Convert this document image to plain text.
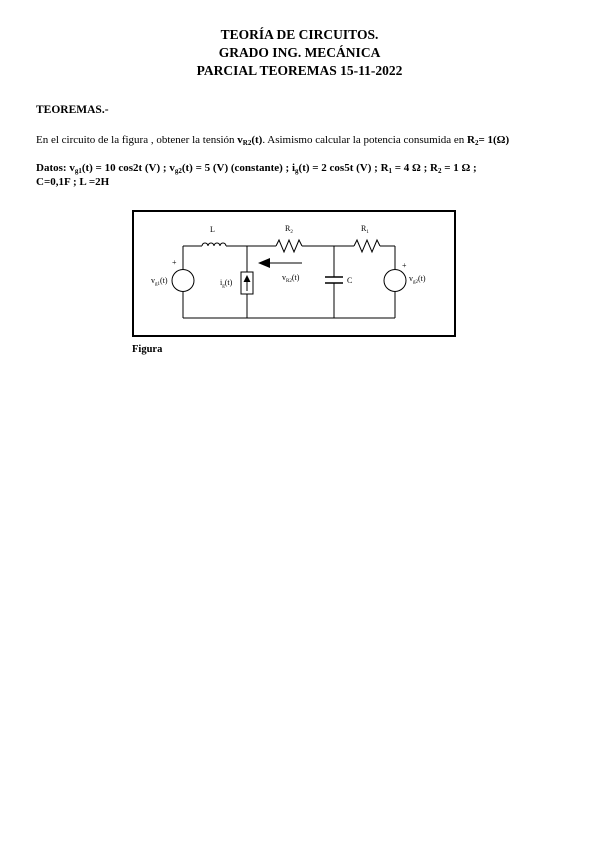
TEORÍA DE CIRCUITOS.
GRADO ING. MECÁNICA
PARCIAL TEOREMAS 15-11-2022
TEOREMAS.-
En el circuito de la figura , obtener la tensión $v_{R2}(t)$. Asimismo calcular la potencia consumida en $R_2= 1(\Omega)$
Datos: $v_{g1}(t) = 10$ cos2t (V) ; $v_{g2}(t) = 5$ (V) (constante) ; $i_g(t) = 2$ cos5t (V) ; $R_1 = 4$ Ω ; $R_2 = 1$ Ω ;
C=0,1F ; L =2H
L	$R_2$	$R_1$
C
+	+
$v_{g1}(t)$	$v_{g2}(t)$
$i_g(t)$
$v_{R2}(t)$
Figura
